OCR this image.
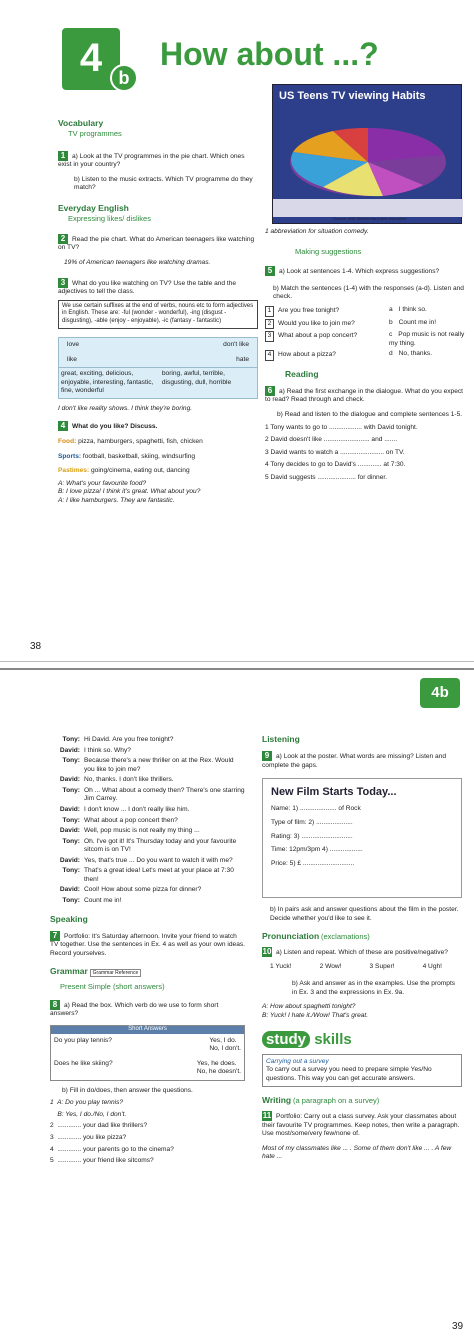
4 b
How about ...?
US Teens TV viewing Habits
Source: ABA Division for public education
Vocabulary
TV programmes
1 a) Look at the TV programmes in the pie chart. Which ones exist in your country?
b) Listen to the music extracts. Which TV programme do they match?
Everyday English
Expressing likes/ dislikes
2 Read the pie chart. What do American teenagers like watching on TV?
19% of American teenagers like watching dramas.
3 What do you like watching on TV? Use the table and the adjectives to tell the class.
We use certain suffixes at the end of verbs, nouns etc to form adjectives in English. These are: -ful (wonder - wonderful), -ing (disgust - disgusting), -able (enjoy - enjoyable), -ic (fantasy - fantastic)
love	don't like
like	hate
great, exciting, delicious, enjoyable, interesting, fantastic, fine, wonderful
boring, awful, terrible, disgusting, dull, horrible
I don't like reality shows. I think they're boring.
4 What do you like? Discuss.
Food: pizza, hamburgers, spaghetti, fish, chicken
Sports: football, basketball, skiing, windsurfing
Pastimes: going/cinema, eating out, dancing
A: What's your favourite food?
B: I love pizza! I think it's great. What about you?
A: I like hamburgers. They are fantastic.
1 abbreviation for situation comedy.
Making suggestions
5 a) Look at sentences 1-4. Which express suggestions?
b) Match the sentences (1-4) with the responses (a-d). Listen and check.
1 Are you free tonight?	a I think so.
2 Would you like to join me?	b Count me in!
3 What about a pop concert?	c Pop music is not really my thing.
4 How about a pizza?	d No, thanks.
Reading
6 a) Read the first exchange in the dialogue. What do you expect to read? Read through and check.
b) Read and listen to the dialogue and complete sentences 1-5.
1 Tony wants to go to .................. with David tonight.
2 David doesn't like ......................... and .......
3 David wants to watch a ........................ on TV.
4 Tony decides to go to David's ............. at 7:30.
5 David suggests ..................... for dinner.
38
4b
Tony: Hi David. Are you free tonight?
David: I think so. Why?
Tony: Because there's a new thriller on at the Rex. Would you like to join me?
David: No, thanks. I don't like thrillers.
Tony: Oh ... What about a comedy then? There's one starring Jim Carrey.
David: I don't know ... I don't really like him.
Tony: What about a pop concert then?
David: Well, pop music is not really my thing ...
Tony: Oh. I've got it! It's Thursday today and your favourite sitcom is on TV!
David: Yes, that's true ... Do you want to watch it with me?
Tony: That's a great idea! Let's meet at your place at 7:30 then!
David: Cool! How about some pizza for dinner?
Tony: Count me in!
Speaking
7 Portfolio: It's Saturday afternoon. Invite your friend to watch TV together. Use the sentences in Ex. 4 as well as your own ideas. Record yourselves.
Grammar Grammar Reference
Present Simple (short answers)
8 a) Read the box. Which verb do we use to form short answers?
Short Answers
Do you play tennis?	Yes, I do.
No, I don't.
Does he like skiing?	Yes, he does.
No, he doesn't.
b) Fill in do/does, then answer the questions.
1  A: Do you play tennis?
B: Yes, I do./No, I don't.
2  ............. your dad like thrillers?
3  ............. you like pizza?
4  ............. your parents go to the cinema?
5  ............. your friend like sitcoms?
Listening
9 a) Look at the poster. What words are missing? Listen and complete the gaps.
New Film Starts Today...
Name: 1) .................... of Rock
Type of film: 2) ....................
Rating: 3) ............................
Time: 12pm/3pm 4) ..................
Price: 5) £ ............................
b) In pairs ask and answer questions about the film in the poster. Decide whether you'd like to see it.
Pronunciation (exclamations)
10 a) Listen and repeat. Which of these are positive/negative?
1 Yuck!	2 Wow!	3 Super!	4 Ugh!
b) Ask and answer as in the examples. Use the prompts in Ex. 3 and the expressions in Ex. 9a.
A: How about spaghetti tonight?
B: Yuck! I hate it./Wow! That's great.
study skills
Carrying out a survey
To carry out a survey you need to prepare simple Yes/No questions. This way you can get accurate answers.
Writing (a paragraph on a survey)
11 Portfolio: Carry out a class survey. Ask your classmates about their favourite TV programmes. Keep notes, then write a paragraph. Use most/some/very few/none of.
Most of my classmates like ... . Some of them don't like ... . A few hate ...
39
